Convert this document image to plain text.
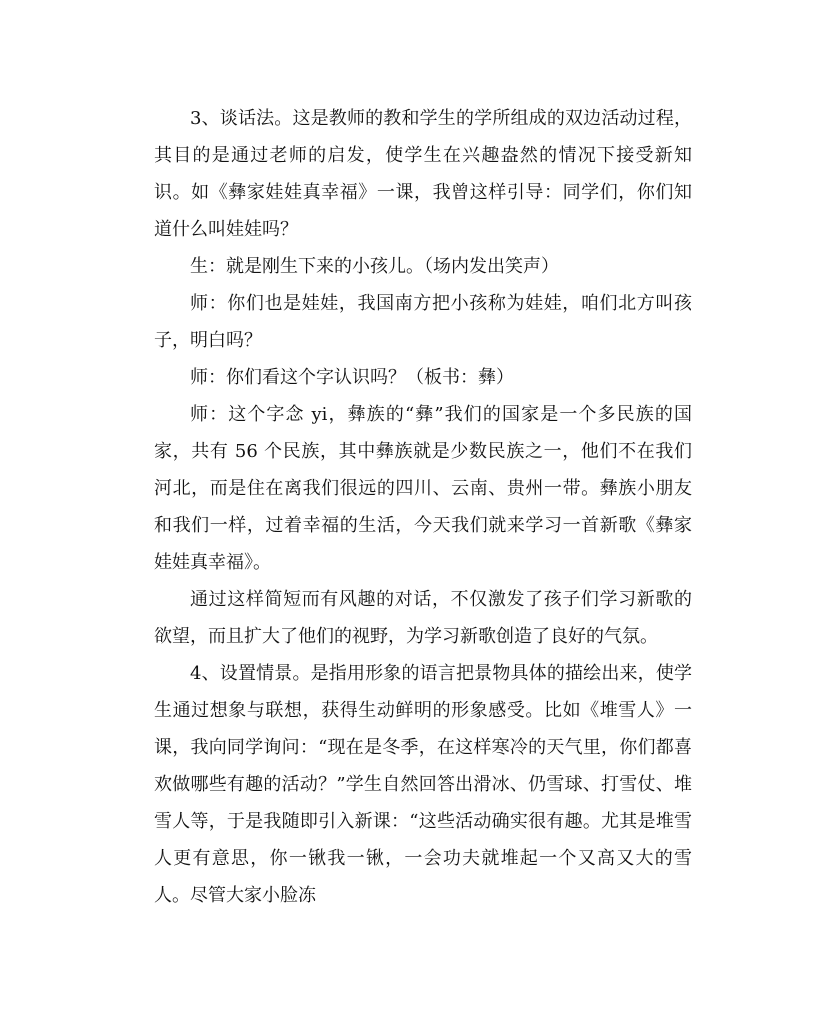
3、谈话法。这是教师的教和学生的学所组成的双边活动过程，其目的是通过老师的启发，使学生在兴趣盎然的情况下接受新知识。如《彝家娃娃真幸福》一课，我曾这样引导：同学们，你们知道什么叫娃娃吗？

生：就是刚生下来的小孩儿。（场内发出笑声）

师：你们也是娃娃，我国南方把小孩称为娃娃，咱们北方叫孩子，明白吗？

师：你们看这个字认识吗？（板书：彝）

师：这个字念 yi，彝族的“彝”我们的国家是一个多民族的国家，共有 56 个民族，其中彝族就是少数民族之一，他们不在我们河北，而是住在离我们很远的四川、云南、贵州一带。彝族小朋友和我们一样，过着幸福的生活，今天我们就来学习一首新歌《彝家娃娃真幸福》。

通过这样简短而有风趣的对话，不仅激发了孩子们学习新歌的欲望，而且扩大了他们的视野，为学习新歌创造了良好的气氛。

4、设置情景。是指用形象的语言把景物具体的描绘出来，使学生通过想象与联想，获得生动鲜明的形象感受。比如《堆雪人》一课，我向同学询问：“现在是冬季，在这样寒冷的天气里，你们都喜欢做哪些有趣的活动？”学生自然回答出滑冰、仍雪球、打雪仗、堆雪人等，于是我随即引入新课：“这些活动确实很有趣。尤其是堆雪人更有意思，你一锹我一锹，一会功夫就堆起一个又高又大的雪人。尽管大家小脸冻
